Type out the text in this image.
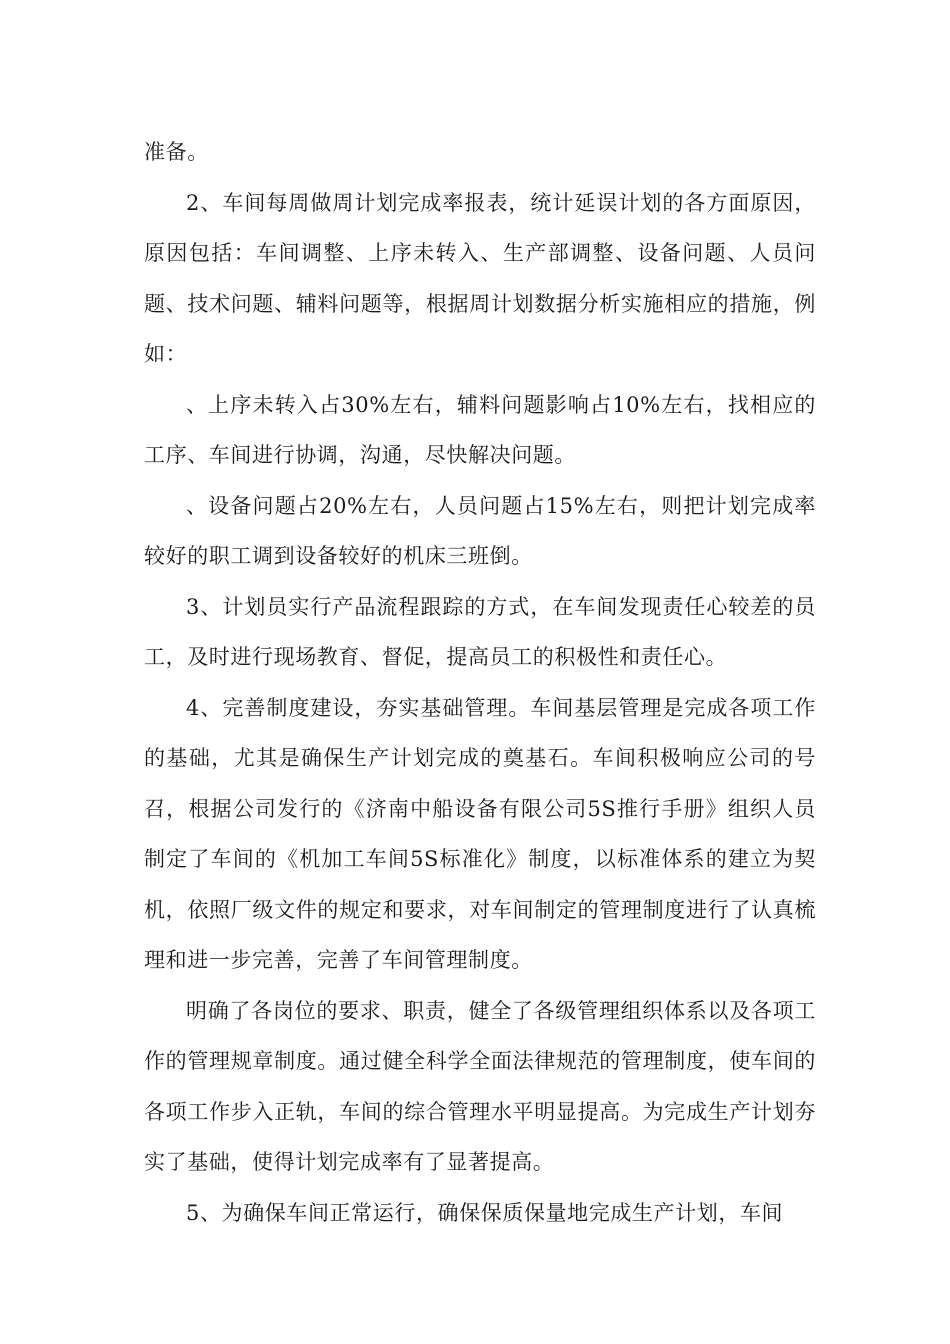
准备。

2、车间每周做周计划完成率报表，统计延误计划的各方面原因，原因包括：车间调整、上序未转入、生产部调整、设备问题、人员问题、技术问题、辅料问题等，根据周计划数据分析实施相应的措施，例如：

、上序未转入占30%左右，辅料问题影响占10%左右，找相应的工序、车间进行协调，沟通，尽快解决问题。

、设备问题占20%左右，人员问题占15%左右，则把计划完成率较好的职工调到设备较好的机床三班倒。

3、计划员实行产品流程跟踪的方式，在车间发现责任心较差的员工，及时进行现场教育、督促，提高员工的积极性和责任心。

4、完善制度建设，夯实基础管理。车间基层管理是完成各项工作的基础，尤其是确保生产计划完成的奠基石。车间积极响应公司的号召，根据公司发行的《济南中船设备有限公司5S推行手册》组织人员制定了车间的《机加工车间5S标准化》制度，以标准体系的建立为契机，依照厂级文件的规定和要求，对车间制定的管理制度进行了认真梳理和进一步完善，完善了车间管理制度。

明确了各岗位的要求、职责，健全了各级管理组织体系以及各项工作的管理规章制度。通过健全科学全面法律规范的管理制度，使车间的各项工作步入正轨，车间的综合管理水平明显提高。为完成生产计划夯实了基础，使得计划完成率有了显著提高。

5、为确保车间正常运行，确保保质保量地完成生产计划，车间
